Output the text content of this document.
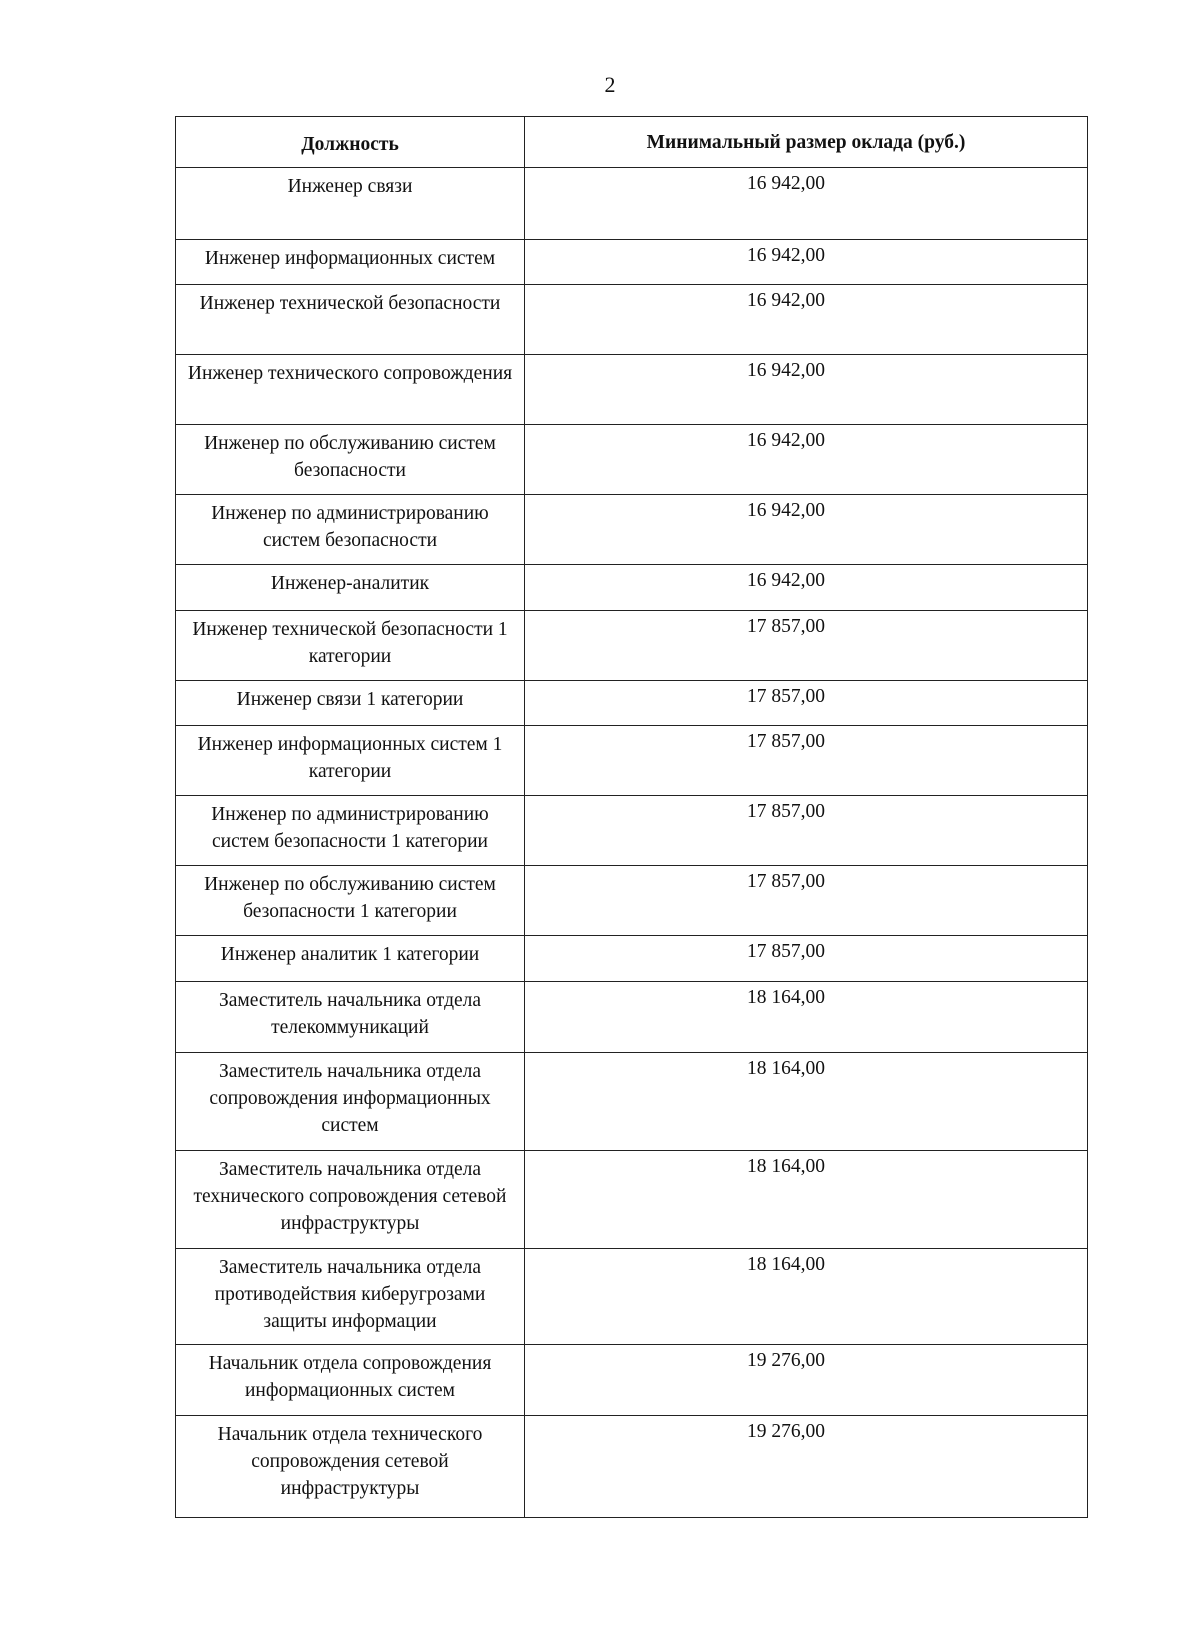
2
Должность	Минимальный размер оклада (руб.)
Инженер связи	16 942,00
Инженер информационных систем	16 942,00
Инженер технической безопасности	16 942,00
Инженер технического сопровождения	16 942,00
Инженер по обслуживанию систем безопасности	16 942,00
Инженер по администрированию систем безопасности	16 942,00
Инженер-аналитик	16 942,00
Инженер технической безопасности 1 категории	17 857,00
Инженер связи 1 категории	17 857,00
Инженер информационных систем 1 категории	17 857,00
Инженер по администрированию систем безопасности 1 категории	17 857,00
Инженер по обслуживанию систем безопасности 1 категории	17 857,00
Инженер аналитик 1 категории	17 857,00
Заместитель начальника отдела телекоммуникаций	18 164,00
Заместитель начальника отдела сопровождения информационных систем	18 164,00
Заместитель начальника отдела технического сопровождения сетевой инфраструктуры	18 164,00
Заместитель начальника отдела противодействия киберугрозами защиты информации	18 164,00
Начальник отдела сопровождения информационных систем	19 276,00
Начальник отдела технического сопровождения сетевой инфраструктуры	19 276,00
